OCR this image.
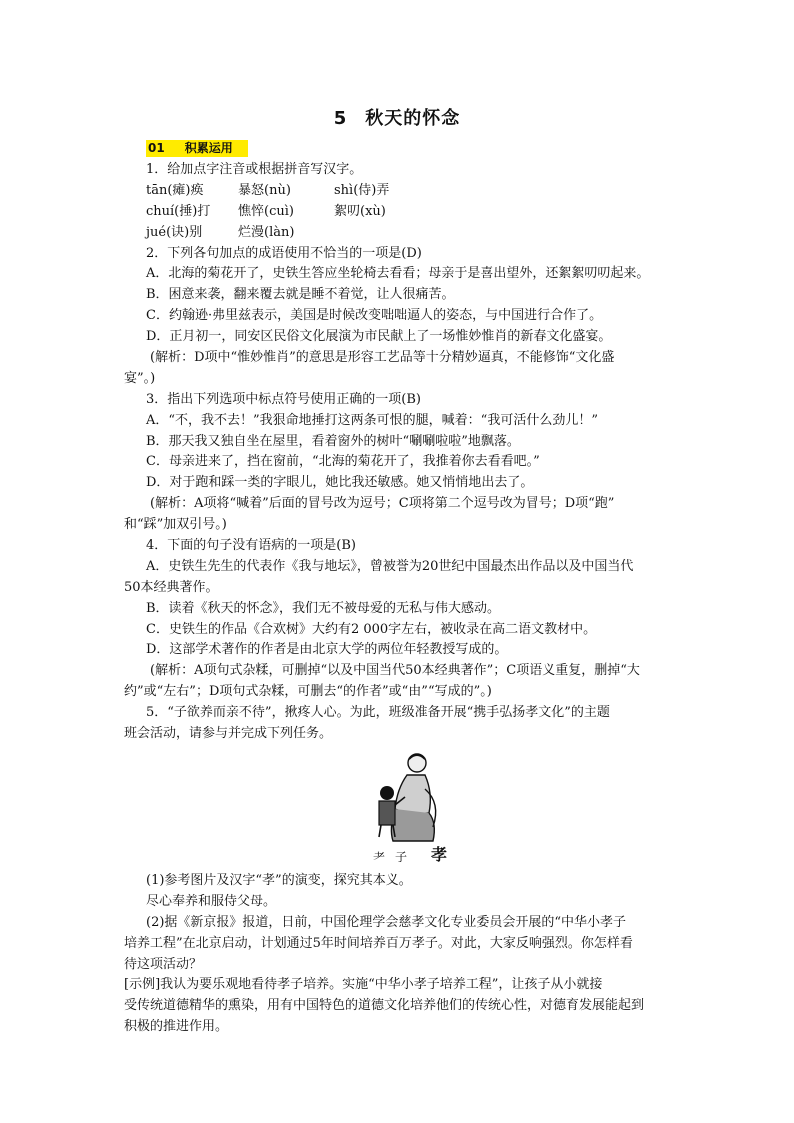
5 秋天的怀念
01 积累运用
1．给加点字注音或根据拼音写汉字。
tān(瘫)痪	暴怒(nù)	shì(侍)弄
chuí(捶)打 憔悴(cuì)	絮叨(xù)
jué(诀)别	烂漫(làn)
2．下列各句加点的成语使用不恰当的一项是(D)
A．北海的菊花开了，史铁生答应坐轮椅去看看；母亲于是喜出望外，还絮絮叨叨起来。
B．困意来袭，翻来覆去就是睡不着觉，让人很痛苦。
C．约翰逊·弗里兹表示，美国是时候改变咄咄逼人的姿态，与中国进行合作了。
D．正月初一，同安区民俗文化展演为市民献上了一场惟妙惟肖的新春文化盛宴。
(解析：D项中“惟妙惟肖”的意思是形容工艺品等十分精妙逼真，不能修饰“文化盛
宴”。)
3．指出下列选项中标点符号使用正确的一项(B)
A．“不，我不去！”我狠命地捶打这两条可恨的腿，喊着：“我可活什么劲儿！”
B．那天我又独自坐在屋里，看着窗外的树叶“唰唰啦啦”地飘落。
C．母亲进来了，挡在窗前，“北海的菊花开了，我推着你去看看吧。”
D．对于跑和踩一类的字眼儿，她比我还敏感。她又悄悄地出去了。
(解析：A项将“喊着”后面的冒号改为逗号；C项将第二个逗号改为冒号；D项“跑”
和“踩”加双引号。)
4．下面的句子没有语病的一项是(B)
A．史铁生先生的代表作《我与地坛》，曾被誉为20世纪中国最杰出作品以及中国当代
50本经典著作。
B．读着《秋天的怀念》，我们无不被母爱的无私与伟大感动。
C．史铁生的作品《合欢树》大约有2 000字左右，被收录在高二语文教材中。
D．这部学术著作的作者是由北京大学的两位年轻教授写成的。
(解析：A项句式杂糅，可删掉“以及中国当代50本经典著作”；C项语义重复，删掉“大
约”或“左右”；D项句式杂糅，可删去“的作者”或“由”“写成的”。)
5．“子欲养而亲不待”，揪疼人心。为此，班级准备开展“携手弘扬孝文化”的主题
班会活动，请参与并完成下列任务。
⺹ ⼦ 孝
(1)参考图片及汉字“孝”的演变，探究其本义。
尽心奉养和服侍父母。
(2)据《新京报》报道，日前，中国伦理学会慈孝文化专业委员会开展的“中华小孝子
培养工程”在北京启动，计划通过5年时间培养百万孝子。对此，大家反响强烈。你怎样看
待这项活动？
[示例]我认为要乐观地看待孝子培养。实施“中华小孝子培养工程”，让孩子从小就接
受传统道德精华的熏染，用有中国特色的道德文化培养他们的传统心性，对德育发展能起到
积极的推进作用。
